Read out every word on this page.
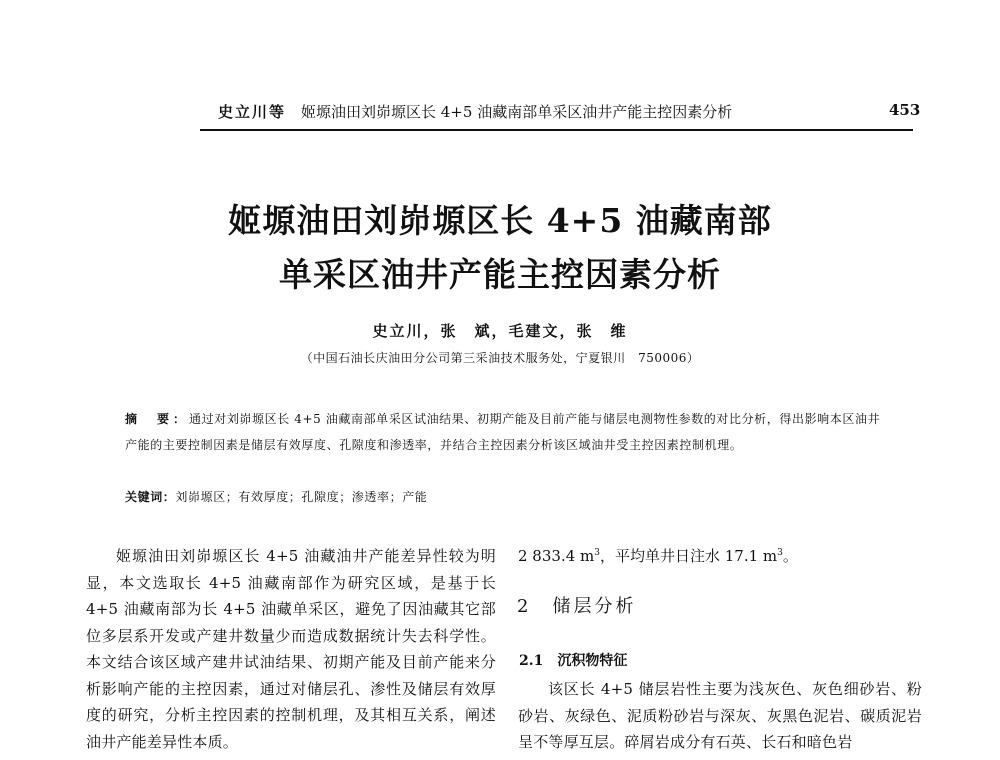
史立川等 姬塬油田刘峁塬区长 4+5 油藏南部单采区油井产能主控因素分析	453
姬塬油田刘峁塬区长 4+5 油藏南部
单采区油井产能主控因素分析
史立川，张　斌，毛建文，张　维
（中国石油长庆油田分公司第三采油技术服务处，宁夏银川　750006）
摘　要：通过对刘峁塬区长 4+5 油藏南部单采区试油结果、初期产能及目前产能与储层电测物性参数的对比分析，得出影响本区油井产能的主要控制因素是储层有效厚度、孔隙度和渗透率，并结合主控因素分析该区域油井受主控因素控制机理。
关键词：刘峁塬区；有效厚度；孔隙度；渗透率；产能
姬塬油田刘峁塬区长 4+5 油藏油井产能差异性较为明显，本文选取长 4+5 油藏南部作为研究区域，是基于长 4+5 油藏南部为长 4+5 油藏单采区，避免了因油藏其它部位多层系开发或产建井数量少而造成数据统计失去科学性。本文结合该区域产建井试油结果、初期产能及目前产能来分析影响产能的主控因素，通过对储层孔、渗性及储层有效厚度的研究，分析主控因素的控制机理，及其相互关系，阐述油井产能差异性本质。
2 833.4 $m^3$，平均单井日注水 17.1 $m^3$。
2　储层分析
2.1　沉积物特征
该区长 4+5 储层岩性主要为浅灰色、灰色细砂岩、粉砂岩、灰绿色、泥质粉砂岩与深灰、灰黑色泥岩、碳质泥岩呈不等厚互层。碎屑岩成分有石英、长石和暗色岩
